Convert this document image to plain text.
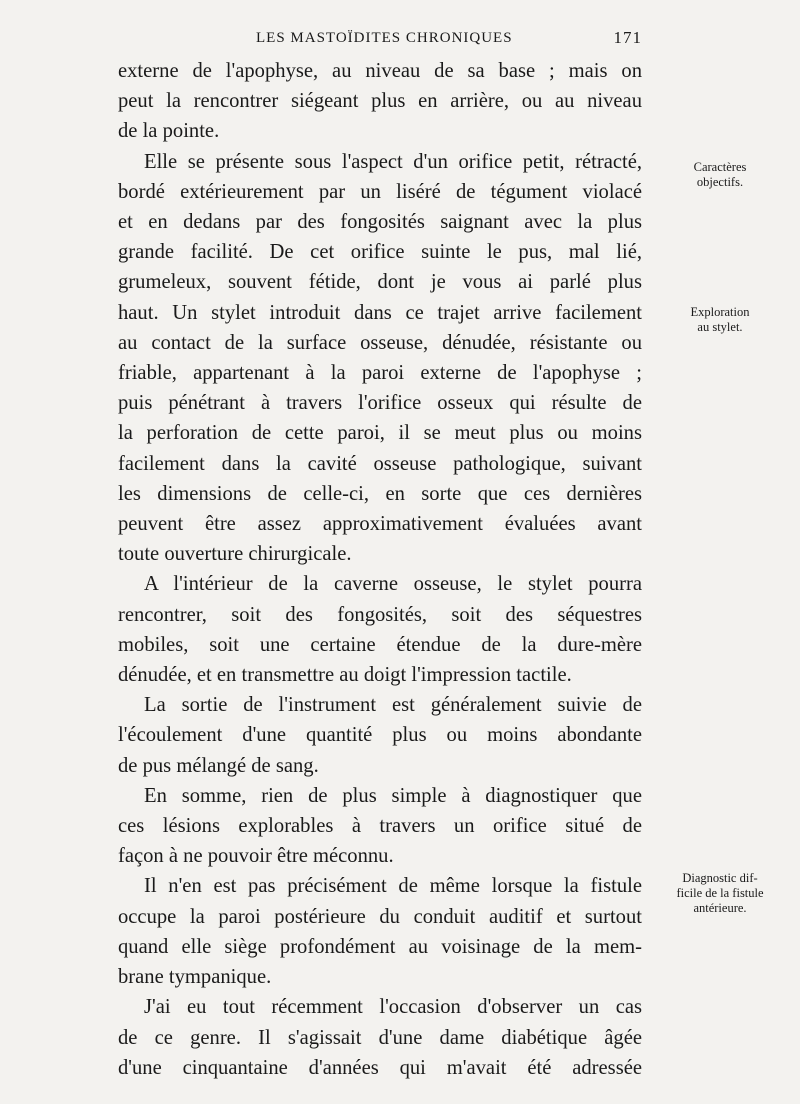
LES MASTOÏDITES CHRONIQUES	171

externe de l'apophyse, au niveau de sa base ; mais on

peut la rencontrer siégeant plus en arrière, ou au niveau

de la pointe.

Elle se présente sous l'aspect d'un orifice petit, rétracté,

bordé extérieurement par un liséré de tégument violacé

et en dedans par des fongosités saignant avec la plus

grande facilité. De cet orifice suinte le pus, mal lié,

grumeleux, souvent fétide, dont je vous ai parlé plus

haut. Un stylet introduit dans ce trajet arrive facilement

au contact de la surface osseuse, dénudée, résistante ou

friable, appartenant à la paroi externe de l'apophyse ;

puis pénétrant à travers l'orifice osseux qui résulte de

la perforation de cette paroi, il se meut plus ou moins

facilement dans la cavité osseuse pathologique, suivant

les dimensions de celle-ci, en sorte que ces dernières

peuvent être assez approximativement évaluées avant

toute ouverture chirurgicale.

A l'intérieur de la caverne osseuse, le stylet pourra

rencontrer, soit des fongosités, soit des séquestres

mobiles, soit une certaine étendue de la dure-mère

dénudée, et en transmettre au doigt l'impression tactile.

La sortie de l'instrument est généralement suivie de

l'écoulement d'une quantité plus ou moins abondante

de pus mélangé de sang.

En somme, rien de plus simple à diagnostiquer que

ces lésions explorables à travers un orifice situé de

façon à ne pouvoir être méconnu.

Il n'en est pas précisément de même lorsque la fistule

occupe la paroi postérieure du conduit auditif et surtout

quand elle siège profondément au voisinage de la mem-

brane tympanique.

J'ai eu tout récemment l'occasion d'observer un cas

de ce genre. Il s'agissait d'une dame diabétique âgée

d'une cinquantaine d'années qui m'avait été adressée

Caractères
objectifs.
Exploration
au stylet.
Diagnostic dif-
ficile de la fistule
antérieure.
